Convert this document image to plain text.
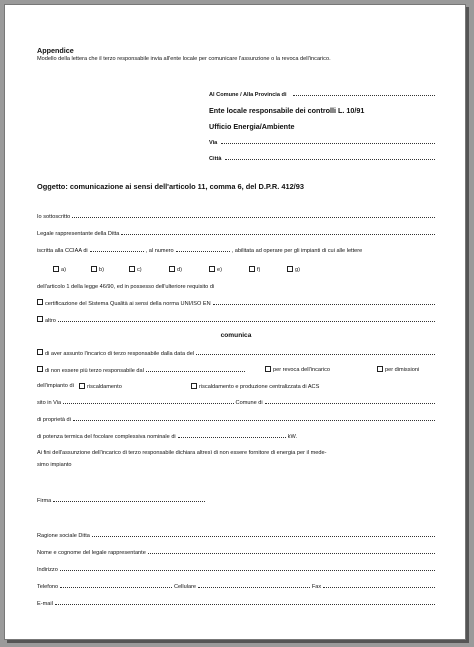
Appendice
Modello della lettera che il terzo responsabile invia all'ente locale per comunicare l'assunzione o la revoca dell'incarico.
Al Comune / Alla Provincia di
Ente locale responsabile dei controlli L. 10/91
Ufficio Energia/Ambiente
Via
Città
Oggetto: comunicazione ai sensi dell'articolo 11, comma 6, del D.P.R. 412/93
Io sottoscritto
Legale rappresentante della Ditta
iscritta alla CCIAA di	, al numero	, abilitata ad operare per gli impianti di cui alle lettere
a)	b)	c)	d)	e)	f)	g)
dell'articolo 1 della legge 46/90, ed in possesso dell'ulteriore requisito di
certificazione del Sistema Qualità ai sensi della norma UNI/ISO EN
altro
comunica
di aver assunto l'incarico di terzo responsabile dalla data del
di non essere più terzo responsabile dal	per revoca dell'incarico	per dimissioni
dell'impianto di	riscaldamento	riscaldamento e produzione centralizzata di ACS
sito in Via	Comune di
di proprietà di
di potenza termica del focolare complessiva nominale di	kW.
Ai fini dell'assunzione dell'incarico di terzo responsabile dichiara altresì di non essere fornitore di energia per il mede-
simo impianto
Firma
Ragione sociale Ditta
Nome e cognome del legale rappresentante
Indirizzo
Telefono	Cellulare	Fax
E-mail
